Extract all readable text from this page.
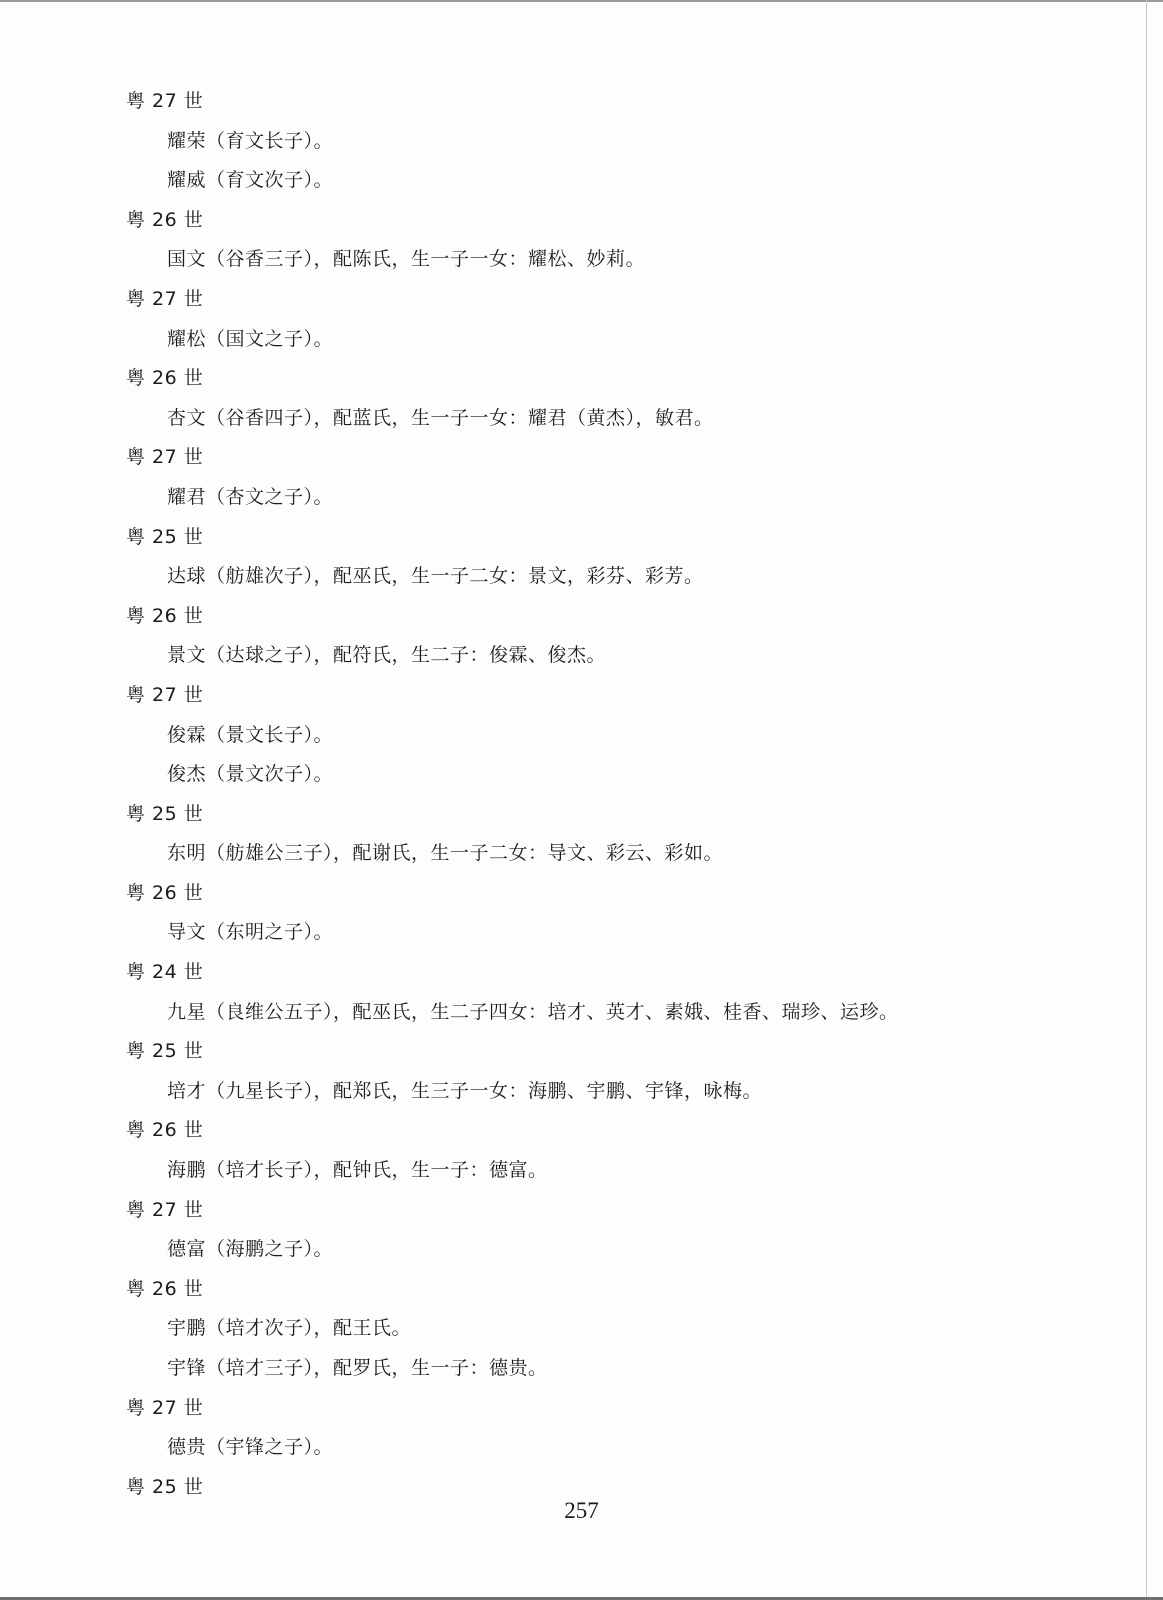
粤 27 世
耀荣（育文长子）。
耀威（育文次子）。
粤 26 世
国文（谷香三子），配陈氏，生一子一女：耀松、妙莉。
粤 27 世
耀松（国文之子）。
粤 26 世
杏文（谷香四子），配蓝氏，生一子一女：耀君（黄杰），敏君。
粤 27 世
耀君（杏文之子）。
粤 25 世
达球（舫雄次子），配巫氏，生一子二女：景文，彩芬、彩芳。
粤 26 世
景文（达球之子），配符氏，生二子：俊霖、俊杰。
粤 27 世
俊霖（景文长子）。
俊杰（景文次子）。
粤 25 世
东明（舫雄公三子），配谢氏，生一子二女：导文、彩云、彩如。
粤 26 世
导文（东明之子）。
粤 24 世
九星（良维公五子），配巫氏，生二子四女：培才、英才、素娥、桂香、瑞珍、运珍。
粤 25 世
培才（九星长子），配郑氏，生三子一女：海鹏、宇鹏、宇锋，咏梅。
粤 26 世
海鹏（培才长子），配钟氏，生一子：德富。
粤 27 世
德富（海鹏之子）。
粤 26 世
宇鹏（培才次子），配王氏。
宇锋（培才三子），配罗氏，生一子：德贵。
粤 27 世
德贵（宇锋之子）。
粤 25 世
257
